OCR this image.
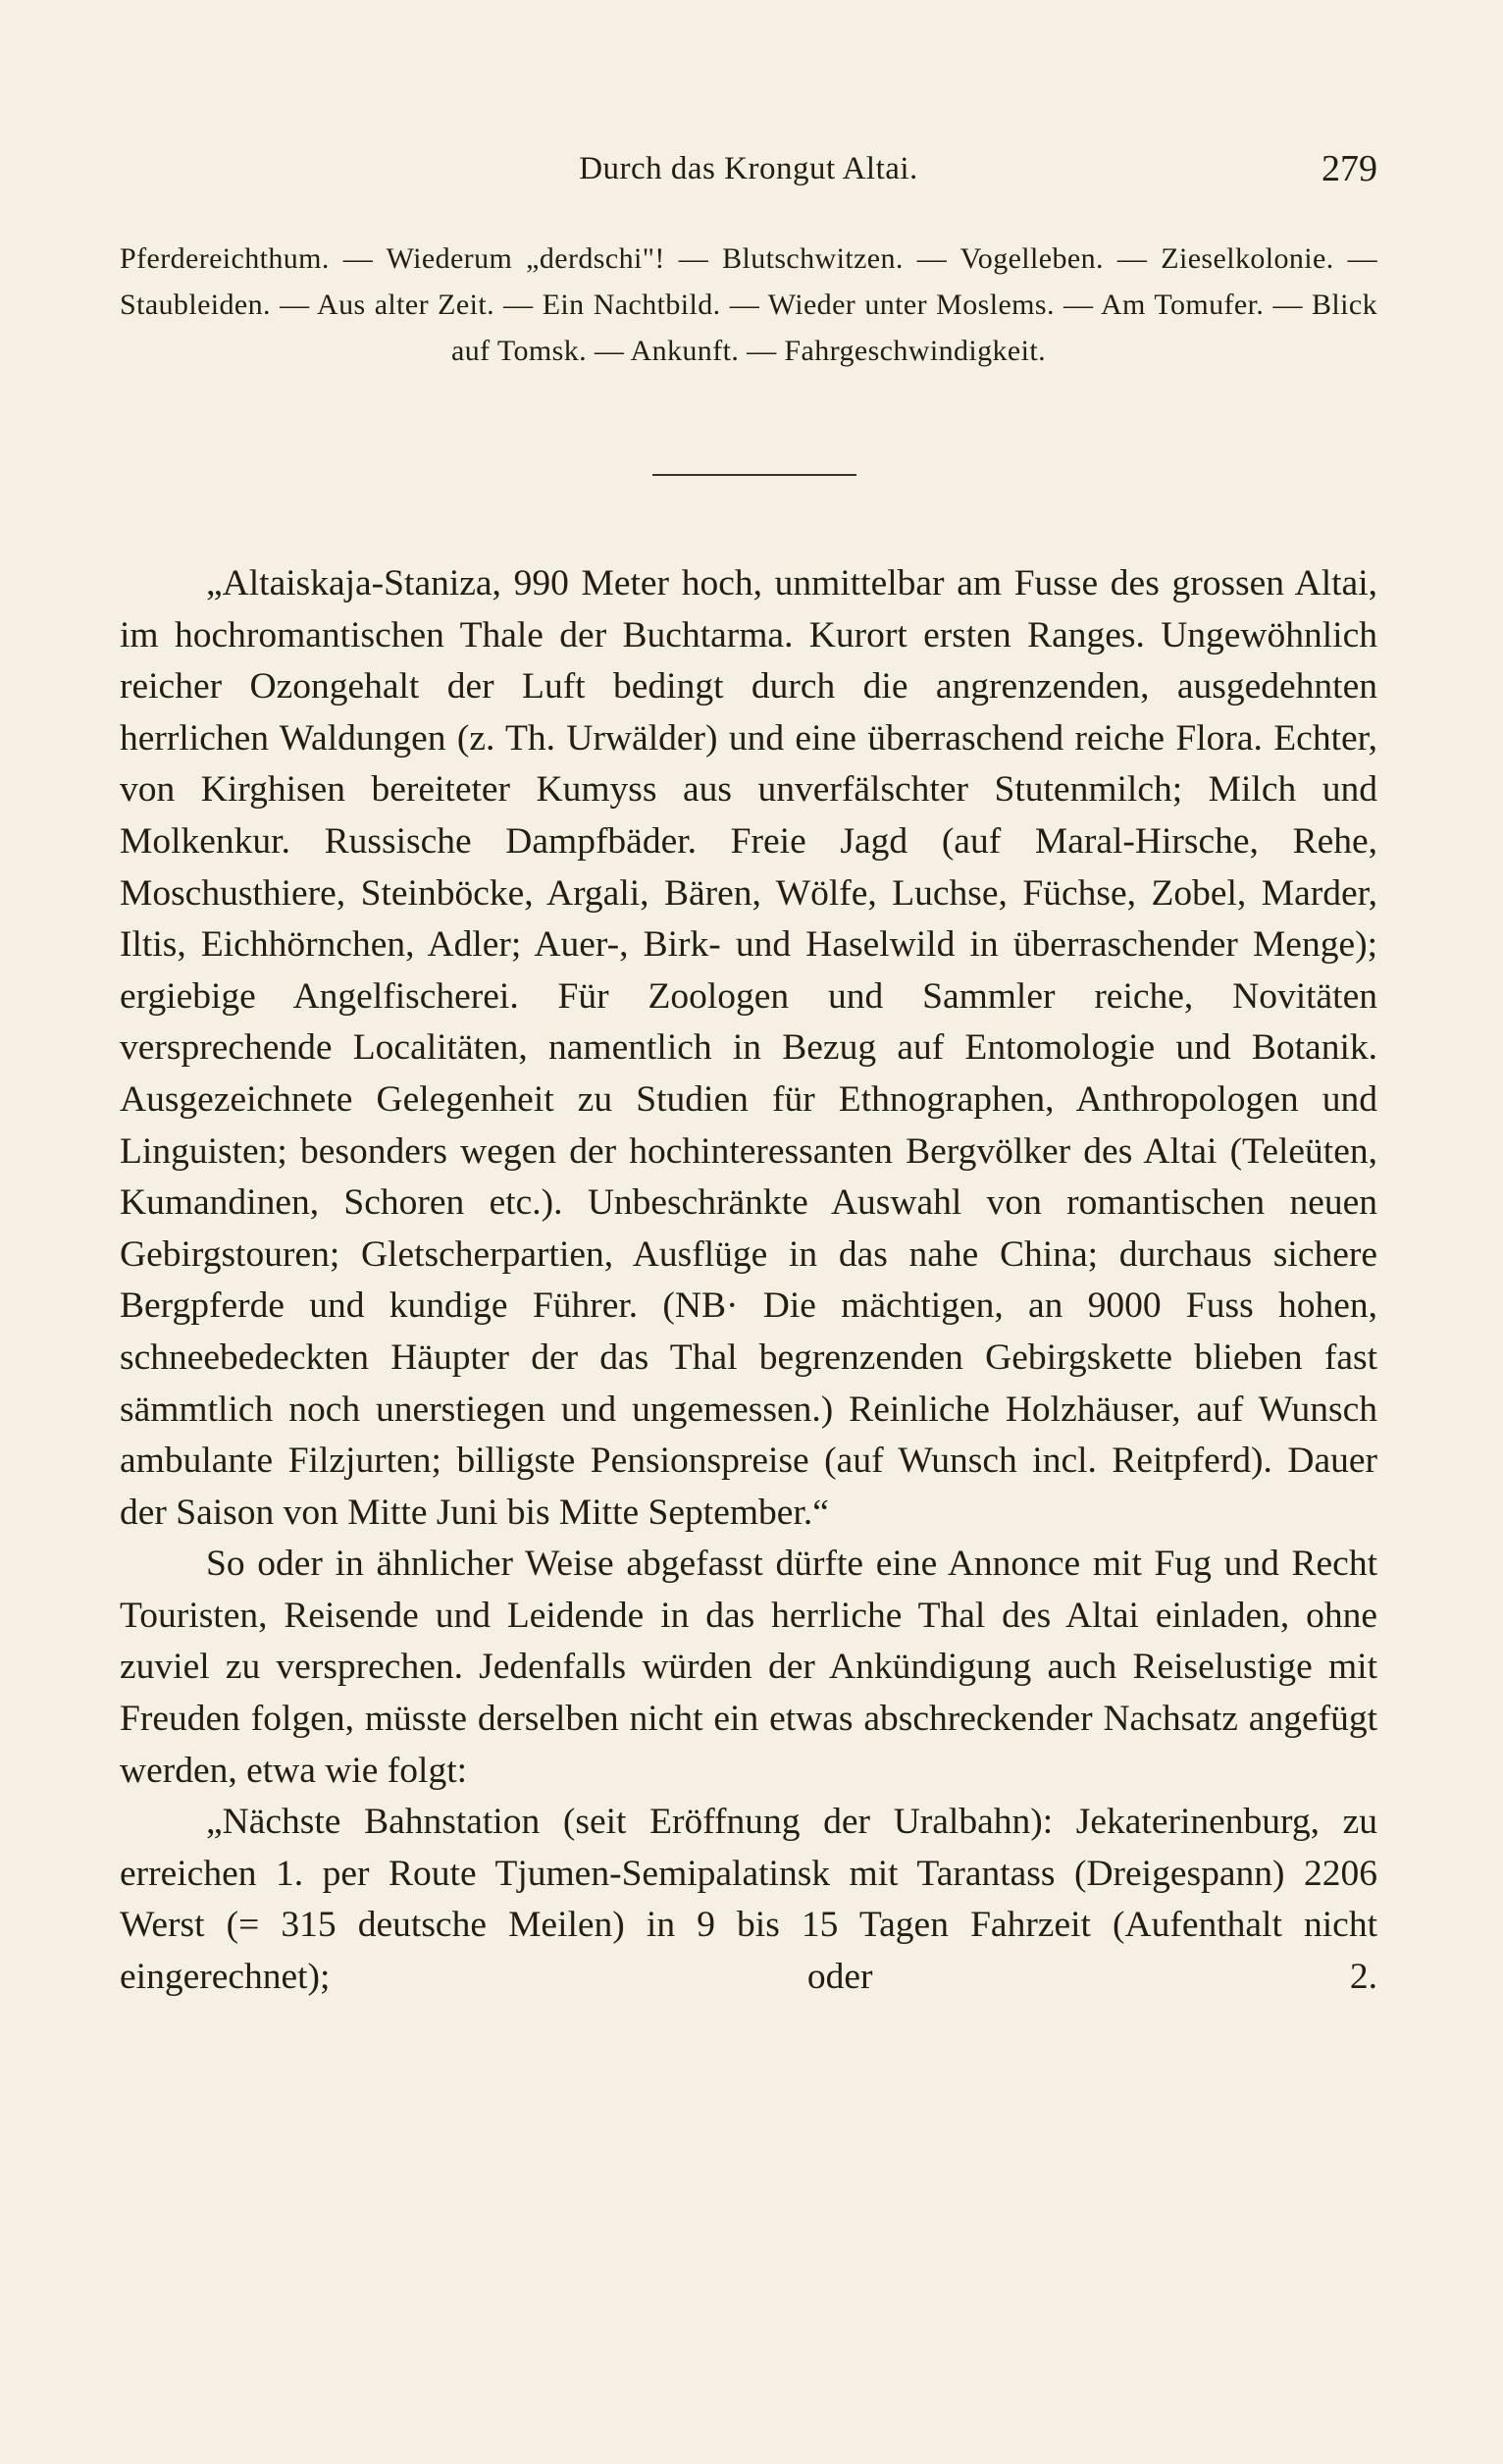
Durch das Krongut Altai.	279
Pferdereichthum. — Wiederum „derdschi"! — Blutschwitzen. — Vogelleben. — Zieselkolonie. — Staubleiden. — Aus alter Zeit. — Ein Nachtbild. — Wieder unter Moslems. — Am Tomufer. — Blick auf Tomsk. — Ankunft. — Fahrgeschwindigkeit.

„Altaiskaja-Staniza, 990 Meter hoch, unmittelbar am Fusse des grossen Altai, im hochromantischen Thale der Buchtarma. Kurort ersten Ranges. Ungewöhnlich reicher Ozongehalt der Luft bedingt durch die angrenzenden, ausgedehnten herrlichen Waldungen (z. Th. Urwälder) und eine überraschend reiche Flora. Echter, von Kirghisen bereiteter Kumyss aus unverfälschter Stutenmilch; Milch und Molkenkur. Russische Dampfbäder. Freie Jagd (auf Maral-Hirsche, Rehe, Moschusthiere, Steinböcke, Argali, Bären, Wölfe, Luchse, Füchse, Zobel, Marder, Iltis, Eichhörnchen, Adler; Auer-, Birk- und Haselwild in überraschender Menge); ergiebige Angelfischerei. Für Zoologen und Sammler reiche, Novitäten versprechende Localitäten, namentlich in Bezug auf Entomologie und Botanik. Ausgezeichnete Gelegenheit zu Studien für Ethnographen, Anthropologen und Linguisten; besonders wegen der hochinteressanten Bergvölker des Altai (Teleüten, Kumandinen, Schoren etc.). Unbeschränkte Auswahl von romantischen neuen Gebirgstouren; Gletscherpartien, Ausflüge in das nahe China; durchaus sichere Bergpferde und kundige Führer. (NB· Die mächtigen, an 9000 Fuss hohen, schneebedeckten Häupter der das Thal begrenzenden Gebirgskette blieben fast sämmtlich noch unerstiegen und ungemessen.) Reinliche Holzhäuser, auf Wunsch ambulante Filzjurten; billigste Pensionspreise (auf Wunsch incl. Reitpferd). Dauer der Saison von Mitte Juni bis Mitte September.“

So oder in ähnlicher Weise abgefasst dürfte eine Annonce mit Fug und Recht Touristen, Reisende und Leidende in das herrliche Thal des Altai einladen, ohne zuviel zu versprechen. Jedenfalls würden der Ankündigung auch Reiselustige mit Freuden folgen, müsste derselben nicht ein etwas abschreckender Nachsatz angefügt werden, etwa wie folgt:

„Nächste Bahnstation (seit Eröffnung der Uralbahn): Jekaterinenburg, zu erreichen 1. per Route Tjumen-Semipalatinsk mit Tarantass (Dreigespann) 2206 Werst (= 315 deutsche Meilen) in 9 bis 15 Tagen Fahrzeit (Aufenthalt nicht eingerechnet); oder 2.
